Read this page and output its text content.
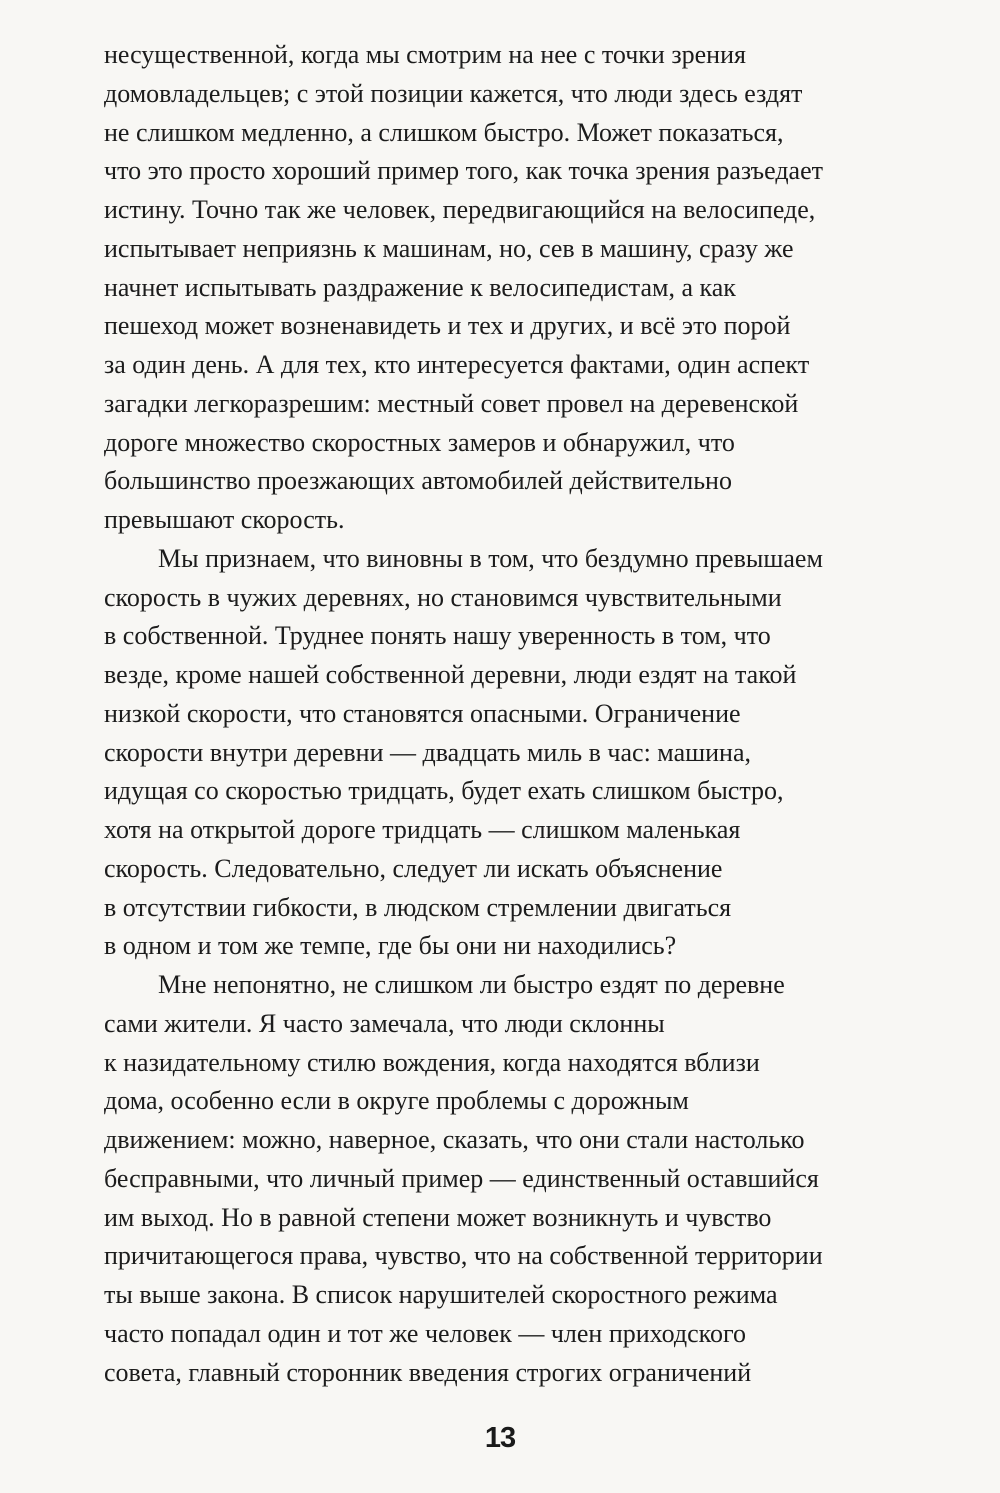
несущественной, когда мы смотрим на нее с точки зрения
домовладельцев; с этой позиции кажется, что люди здесь ездят
не слишком медленно, а слишком быстро. Может показаться,
что это просто хороший пример того, как точка зрения разъедает
истину. Точно так же человек, передвигающийся на велосипеде,
испытывает неприязнь к машинам, но, сев в машину, сразу же
начнет испытывать раздражение к велосипедистам, а как
пешеход может возненавидеть и тех и других, и всё это порой
за один день. А для тех, кто интересуется фактами, один аспект
загадки легкоразрешим: местный совет провел на деревенской
дороге множество скоростных замеров и обнаружил, что
большинство проезжающих автомобилей действительно
превышают скорость.
Мы признаем, что виновны в том, что бездумно превышаем
скорость в чужих деревнях, но становимся чувствительными
в собственной. Труднее понять нашу уверенность в том, что
везде, кроме нашей собственной деревни, люди ездят на такой
низкой скорости, что становятся опасными. Ограничение
скорости внутри деревни — двадцать миль в час: машина,
идущая со скоростью тридцать, будет ехать слишком быстро,
хотя на открытой дороге тридцать — слишком маленькая
скорость. Следовательно, следует ли искать объяснение
в отсутствии гибкости, в людском стремлении двигаться
в одном и том же темпе, где бы они ни находились?
Мне непонятно, не слишком ли быстро ездят по деревне
сами жители. Я часто замечала, что люди склонны
к назидательному стилю вождения, когда находятся вблизи
дома, особенно если в округе проблемы с дорожным
движением: можно, наверное, сказать, что они стали настолько
бесправными, что личный пример — единственный оставшийся
им выход. Но в равной степени может возникнуть и чувство
причитающегося права, чувство, что на собственной территории
ты выше закона. В список нарушителей скоростного режима
часто попадал один и тот же человек — член приходского
совета, главный сторонник введения строгих ограничений
13
